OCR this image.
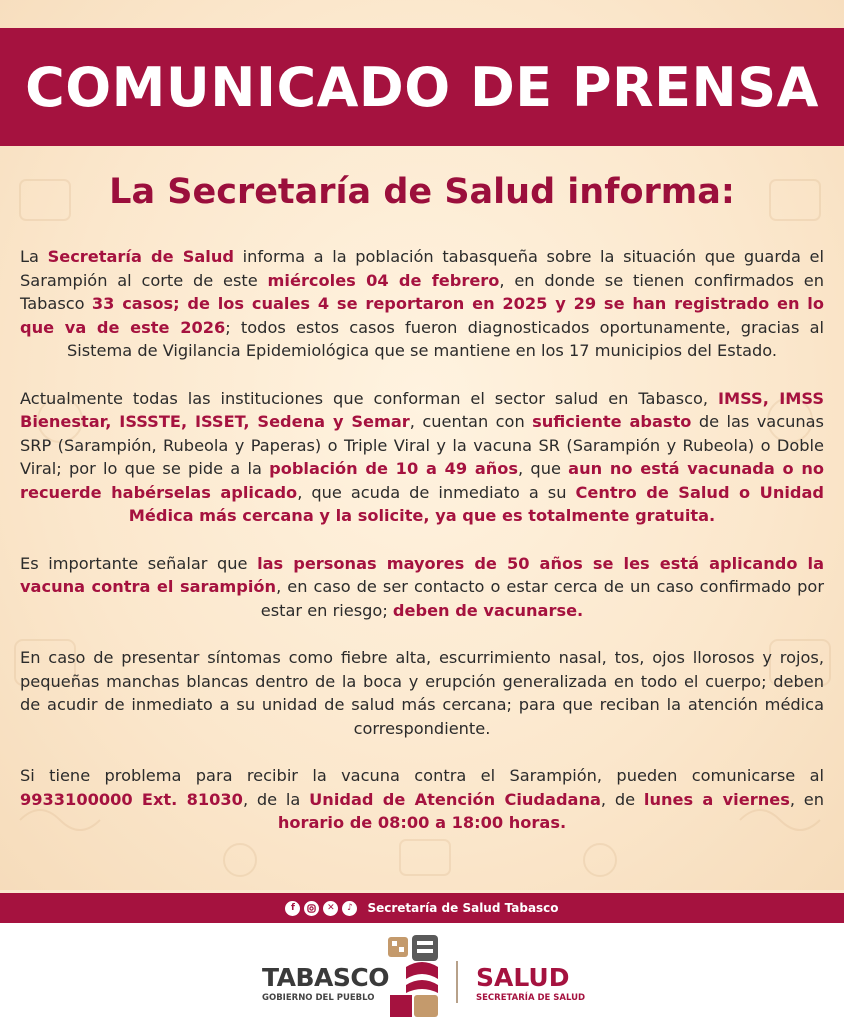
COMUNICADO DE PRENSA
La Secretaría de Salud informa:

La Secretaría de Salud informa a la población tabasqueña sobre la situación que guarda el Sarampión al corte de este miércoles 04 de febrero, en donde se tienen confirmados en Tabasco 33 casos; de los cuales 4 se reportaron en 2025 y 29 se han registrado en lo que va de este 2026; todos estos casos fueron diagnosticados oportunamente, gracias al Sistema de Vigilancia Epidemiológica que se mantiene en los 17 municipios del Estado.

Actualmente todas las instituciones que conforman el sector salud en Tabasco, IMSS, IMSS Bienestar, ISSSTE, ISSET, Sedena y Semar, cuentan con suficiente abasto de las vacunas SRP (Sarampión, Rubeola y Paperas) o Triple Viral y la vacuna SR (Sarampión y Rubeola) o Doble Viral; por lo que se pide a la población de 10 a 49 años, que aun no está vacunada o no recuerde habérselas aplicado, que acuda de inmediato a su Centro de Salud o Unidad Médica más cercana y la solicite, ya que es totalmente gratuita.

Es importante señalar que las personas mayores de 50 años se les está aplicando la vacuna contra el sarampión, en caso de ser contacto o estar cerca de un caso confirmado por estar en riesgo; deben de vacunarse.

En caso de presentar síntomas como fiebre alta, escurrimiento nasal, tos, ojos llorosos y rojos, pequeñas manchas blancas dentro de la boca y erupción generalizada en todo el cuerpo; deben de acudir de inmediato a su unidad de salud más cercana; para que reciban la atención médica correspondiente.

Si tiene problema para recibir la vacuna contra el Sarampión, pueden comunicarse al 9933100000 Ext. 81030, de la Unidad de Atención Ciudadana, de lunes a viernes, en horario de 08:00 a 18:00 horas.

f	✕	♪	Secretaría de Salud Tabasco
TABASCO
GOBIERNO DEL PUEBLO
SALUD
SECRETARÍA DE SALUD
